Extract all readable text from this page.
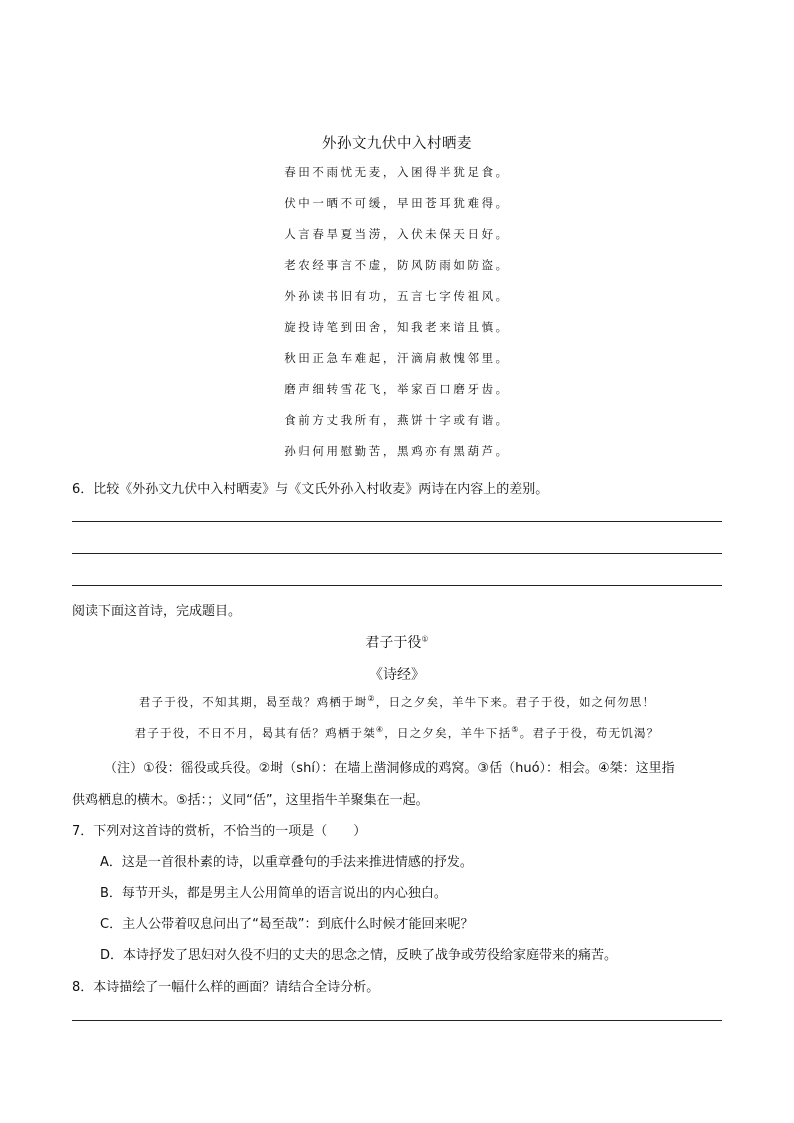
外孙文九伏中入村晒麦
春田不雨忧无麦，入囷得半犹足食。
伏中一晒不可缓，早田苍耳犹难得。
人言春旱夏当涝，入伏未保天日好。
老农经事言不虚，防风防雨如防盗。
外孙读书旧有功，五言七字传祖风。
旋投诗笔到田舍，知我老来谙且慎。
秋田正急车难起，汗滴肩赦愧邻里。
磨声细转雪花飞，举家百口磨牙齿。
食前方丈我所有，燕饼十字或有谐。
孙归何用慰勤苦，黑鸡亦有黑葫芦。
6．比较《外孙文九伏中入村晒麦》与《文氏外孙入村收麦》两诗在内容上的差别。
阅读下面这首诗，完成题目。
君子于役①
《诗经》
君子于役，不知其期，曷至哉？鸡栖于埘②，日之夕矣，羊牛下来。君子于役，如之何勿思！
君子于役，不日不月，曷其有佸？鸡栖于桀④，日之夕矣，羊牛下括⑤。君子于役，苟无饥渴？
（注）①役：徭役或兵役。②埘（shí）：在墙上凿洞修成的鸡窝。③佸（huó）：相会。④桀：这里指
供鸡栖息的横木。⑤括：；义同“佸”，这里指牛羊聚集在一起。
7．下列对这首诗的赏析，不恰当的一项是（　　）
A．这是一首很朴素的诗，以重章叠句的手法来推进情感的抒发。
B．每节开头，都是男主人公用简单的语言说出的内心独白。
C．主人公带着叹息问出了“曷至哉”：到底什么时候才能回来呢？
D．本诗抒发了思妇对久役不归的丈夫的思念之情，反映了战争或劳役给家庭带来的痛苦。
8．本诗描绘了一幅什么样的画面？请结合全诗分析。
